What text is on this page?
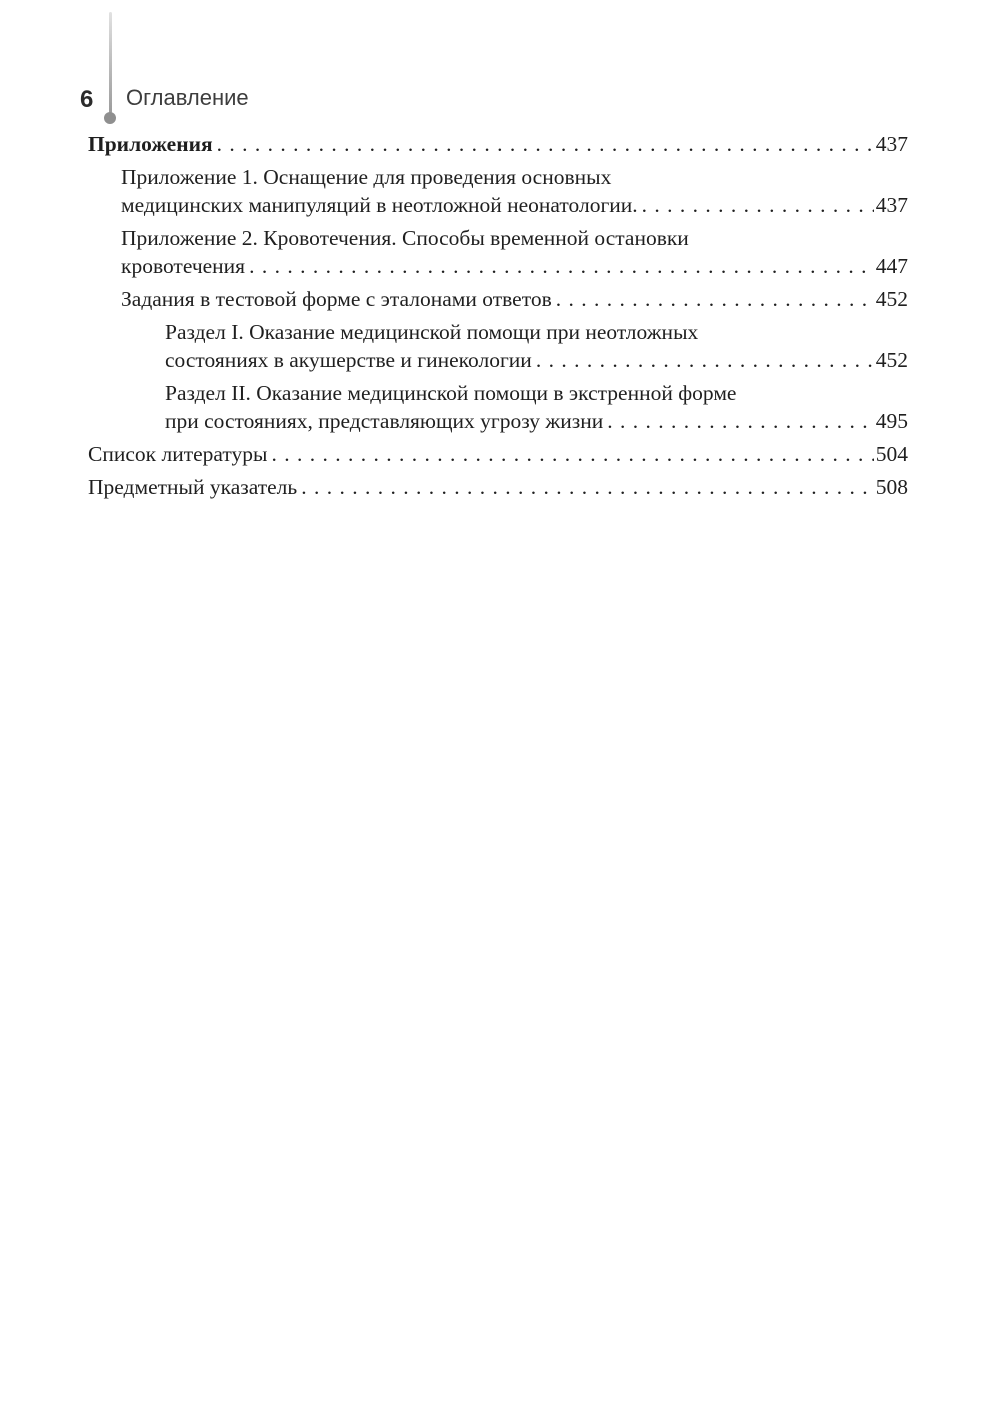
6 Оглавление
Приложения . . .	437
Приложение 1. Оснащение для проведения основных
медицинских манипуляций в неотложной неонатологии. . . .	437
Приложение 2. Кровотечения. Способы временной остановки
кровотечения . . .	447
Задания в тестовой форме с эталонами ответов . . .	452
Раздел I. Оказание медицинской помощи при неотложных
состояниях в акушерстве и гинекологии . . .	452
Раздел II. Оказание медицинской помощи в экстренной форме
при состояниях, представляющих угрозу жизни . . .	495
Список литературы . . .	504
Предметный указатель . . .	508
